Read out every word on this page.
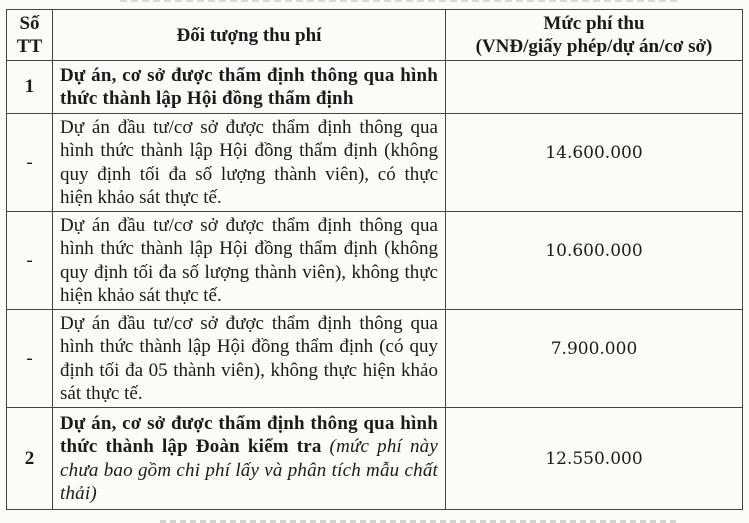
Số TT	Đối tượng thu phí	Mức phí thu
(VNĐ/giấy phép/dự án/cơ sở)

1	Dự án, cơ sở được thẩm định thông qua hình thức thành lập Hội đồng thẩm định	
-	Dự án đầu tư/cơ sở được thẩm định thông qua hình thức thành lập Hội đồng thẩm định (không quy định tối đa số lượng thành viên), có thực hiện khảo sát thực tế.	14.600.000
-	Dự án đầu tư/cơ sở được thẩm định thông qua hình thức thành lập Hội đồng thẩm định (không quy định tối đa số lượng thành viên), không thực hiện khảo sát thực tế.	10.600.000
-	Dự án đầu tư/cơ sở được thẩm định thông qua hình thức thành lập Hội đồng thẩm định (có quy định tối đa 05 thành viên), không thực hiện khảo sát thực tế.	7.900.000
2	Dự án, cơ sở được thẩm định thông qua hình thức thành lập Đoàn kiểm tra (mức phí này chưa bao gồm chi phí lấy và phân tích mẫu chất thải)	12.550.000
